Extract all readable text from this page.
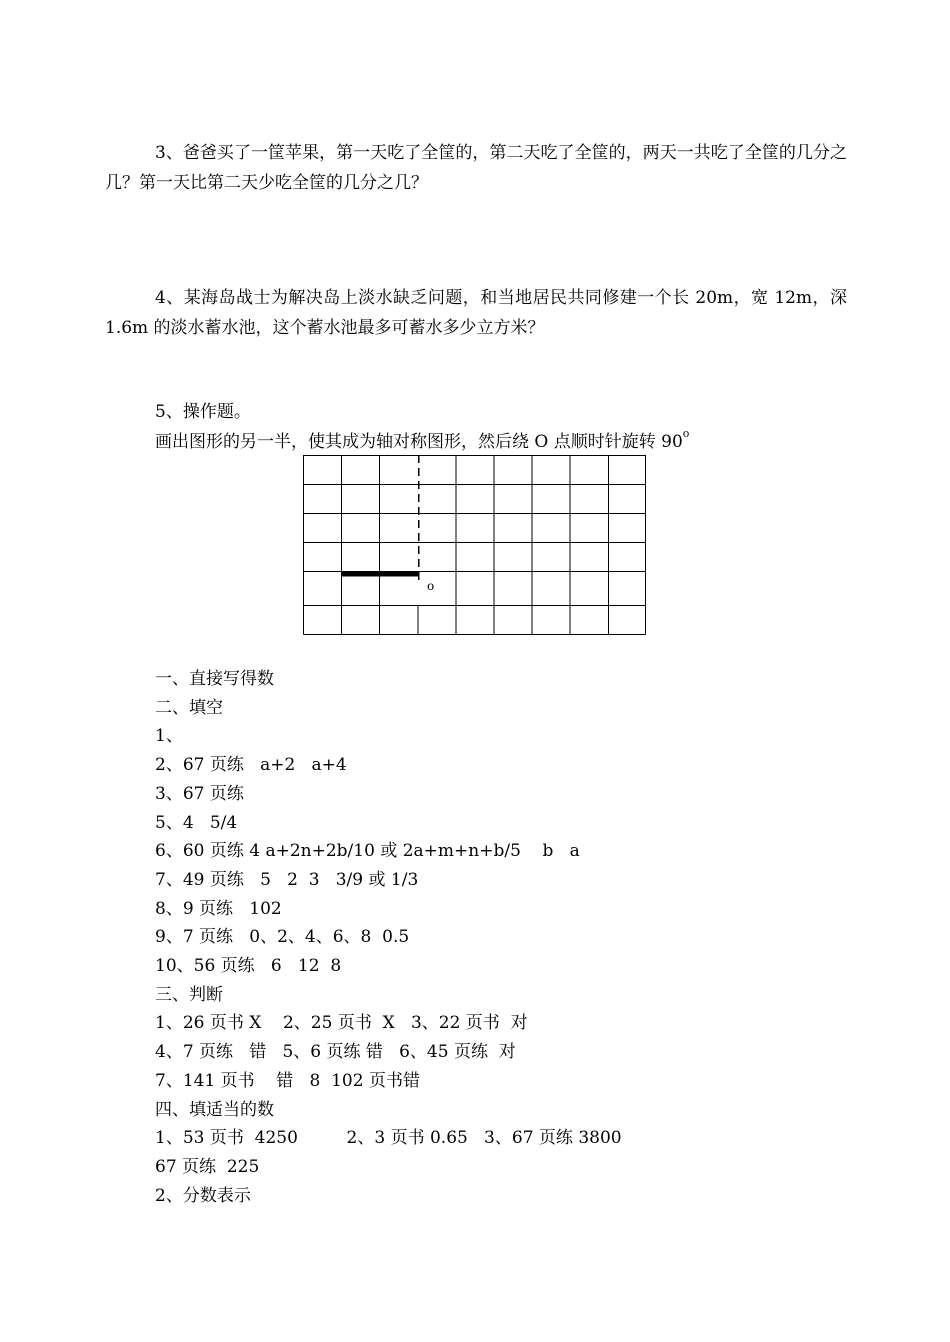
3、爸爸买了一筐苹果，第一天吃了全筐的，第二天吃了全筐的，两天一共吃了全筐的几分之几？第一天比第二天少吃全筐的几分之几？

4、某海岛战士为解决岛上淡水缺乏问题，和当地居民共同修建一个长 20m，宽 12m，深 1.6m 的淡水蓄水池，这个蓄水池最多可蓄水多少立方米？

5、操作题。

画出图形的另一半，使其成为轴对称图形，然后绕 O 点顺时针旋转 90$^o$

o

一、直接写得数

二、填空

1、

2、67 页练   a+2   a+4

3、67 页练

5、4   5/4

6、60 页练 4 a+2n+2b/10 或 2a+m+n+b/5    b   a

7、49 页练   5   2  3   3/9 或 1/3

8、9 页练   102

9、7 页练   0、2、4、6、8  0.5

10、56 页练   6   12  8

三、判断

1、26 页书 X    2、25 页书  X   3、22 页书  对

4、7 页练   错   5、6 页练 错   6、45 页练  对

7、141 页书    错   8  102 页书错

四、填适当的数

1、53 页书  4250         2、3 页书 0.65   3、67 页练 3800

67 页练  225

2、分数表示
